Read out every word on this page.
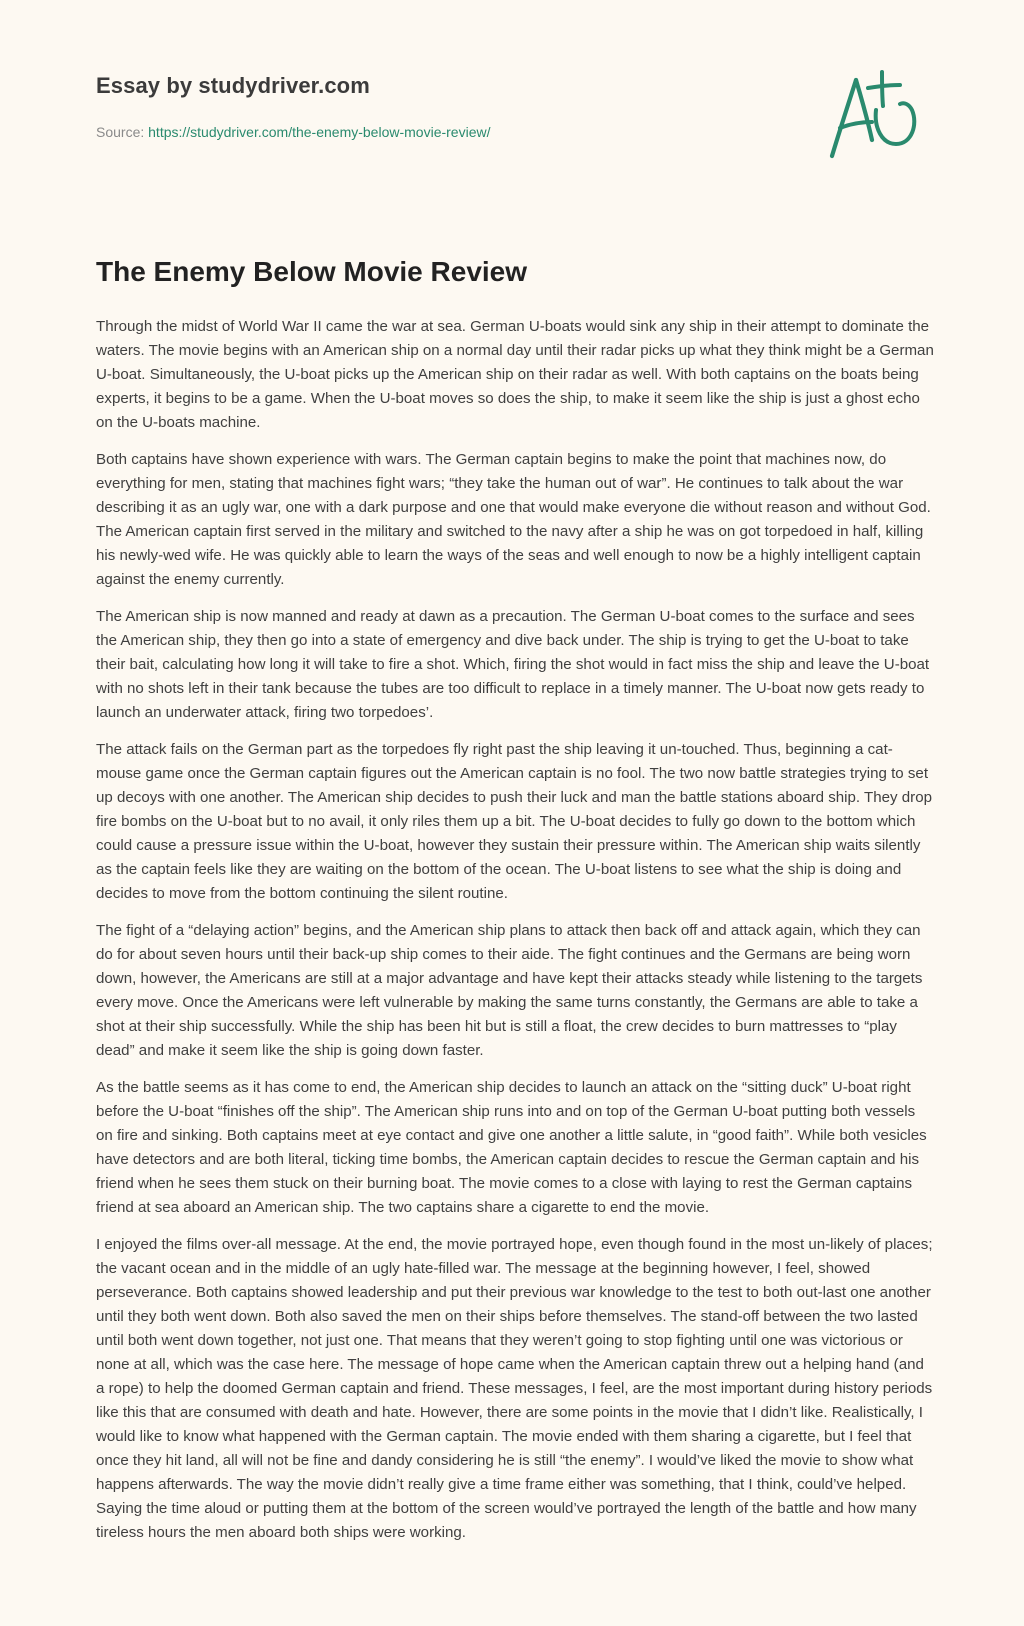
Essay by studydriver.com
Source: https://studydriver.com/the-enemy-below-movie-review/
The Enemy Below Movie Review

Through the midst of World War II came the war at sea. German U-boats would sink any ship in their attempt to dominate the waters. The movie begins with an American ship on a normal day until their radar picks up what they think might be a German U-boat. Simultaneously, the U-boat picks up the American ship on their radar as well. With both captains on the boats being experts, it begins to be a game. When the U-boat moves so does the ship, to make it seem like the ship is just a ghost echo on the U-boats machine.

Both captains have shown experience with wars. The German captain begins to make the point that machines now, do everything for men, stating that machines fight wars; “they take the human out of war”. He continues to talk about the war describing it as an ugly war, one with a dark purpose and one that would make everyone die without reason and without God. The American captain first served in the military and switched to the navy after a ship he was on got torpedoed in half, killing his newly-wed wife. He was quickly able to learn the ways of the seas and well enough to now be a highly intelligent captain against the enemy currently.

The American ship is now manned and ready at dawn as a precaution. The German U-boat comes to the surface and sees the American ship, they then go into a state of emergency and dive back under. The ship is trying to get the U-boat to take their bait, calculating how long it will take to fire a shot. Which, firing the shot would in fact miss the ship and leave the U-boat with no shots left in their tank because the tubes are too difficult to replace in a timely manner. The U-boat now gets ready to launch an underwater attack, firing two torpedoes’.

The attack fails on the German part as the torpedoes fly right past the ship leaving it un-touched. Thus, beginning a cat-mouse game once the German captain figures out the American captain is no fool. The two now battle strategies trying to set up decoys with one another. The American ship decides to push their luck and man the battle stations aboard ship. They drop fire bombs on the U-boat but to no avail, it only riles them up a bit. The U-boat decides to fully go down to the bottom which could cause a pressure issue within the U-boat, however they sustain their pressure within. The American ship waits silently as the captain feels like they are waiting on the bottom of the ocean. The U-boat listens to see what the ship is doing and decides to move from the bottom continuing the silent routine.

The fight of a “delaying action” begins, and the American ship plans to attack then back off and attack again, which they can do for about seven hours until their back-up ship comes to their aide. The fight continues and the Germans are being worn down, however, the Americans are still at a major advantage and have kept their attacks steady while listening to the targets every move. Once the Americans were left vulnerable by making the same turns constantly, the Germans are able to take a shot at their ship successfully. While the ship has been hit but is still a float, the crew decides to burn mattresses to “play dead” and make it seem like the ship is going down faster.

As the battle seems as it has come to end, the American ship decides to launch an attack on the “sitting duck” U-boat right before the U-boat “finishes off the ship”. The American ship runs into and on top of the German U-boat putting both vessels on fire and sinking. Both captains meet at eye contact and give one another a little salute, in “good faith”. While both vesicles have detectors and are both literal, ticking time bombs, the American captain decides to rescue the German captain and his friend when he sees them stuck on their burning boat. The movie comes to a close with laying to rest the German captains friend at sea aboard an American ship. The two captains share a cigarette to end the movie.

I enjoyed the films over-all message. At the end, the movie portrayed hope, even though found in the most un-likely of places; the vacant ocean and in the middle of an ugly hate-filled war. The message at the beginning however, I feel, showed perseverance. Both captains showed leadership and put their previous war knowledge to the test to both out-last one another until they both went down. Both also saved the men on their ships before themselves. The stand-off between the two lasted until both went down together, not just one. That means that they weren’t going to stop fighting until one was victorious or none at all, which was the case here. The message of hope came when the American captain threw out a helping hand (and a rope) to help the doomed German captain and friend. These messages, I feel, are the most important during history periods like this that are consumed with death and hate. However, there are some points in the movie that I didn’t like. Realistically, I would like to know what happened with the German captain. The movie ended with them sharing a cigarette, but I feel that once they hit land, all will not be fine and dandy considering he is still “the enemy”. I would’ve liked the movie to show what happens afterwards. The way the movie didn’t really give a time frame either was something, that I think, could’ve helped. Saying the time aloud or putting them at the bottom of the screen would’ve portrayed the length of the battle and how many tireless hours the men aboard both ships were working.
